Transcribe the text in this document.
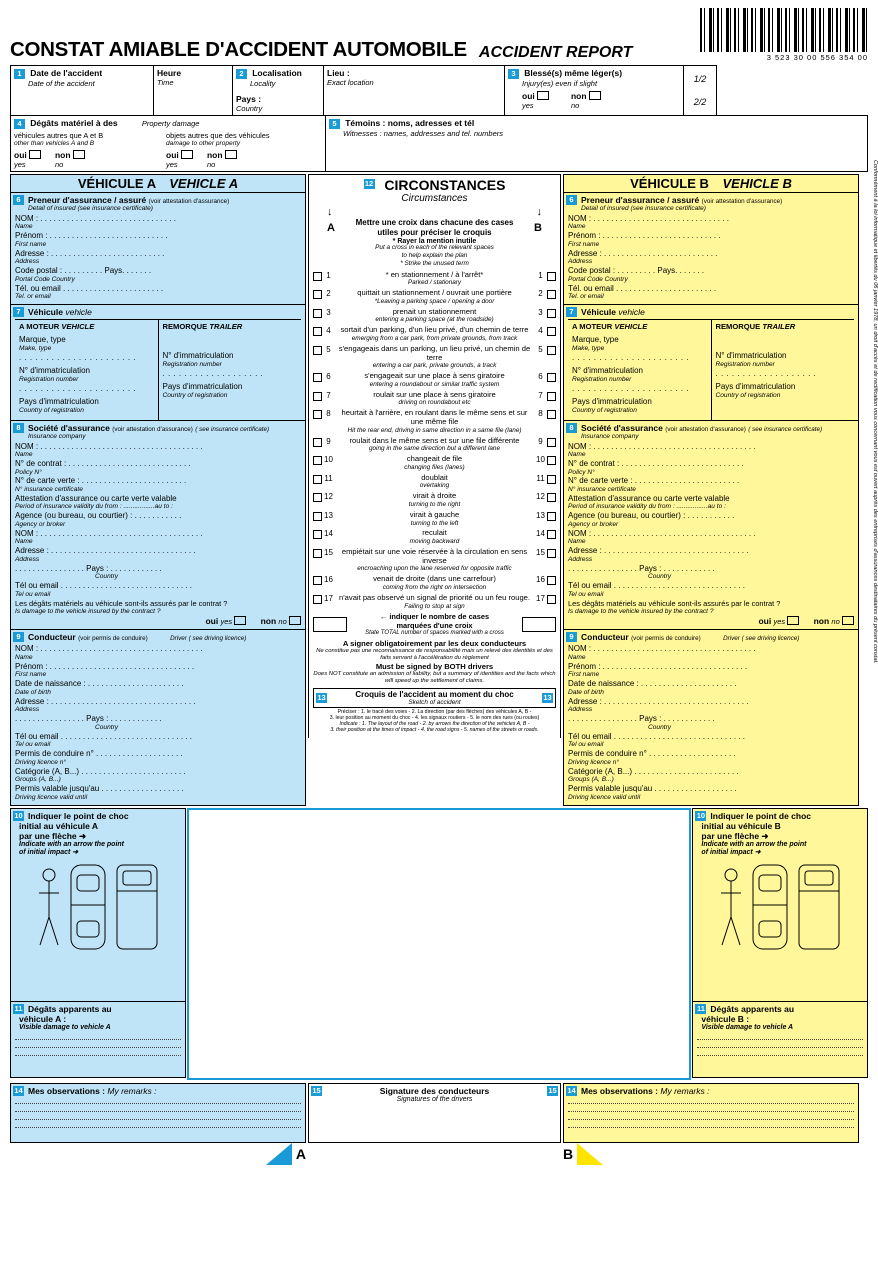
CONSTAT AMIABLE D'ACCIDENT AUTOMOBILE ACCIDENT REPORT	3 523 30 00 556 354 00
1 Date de l'accident
Date of the accident
Heure
Time
2 Localisation
Locality
Pays :
Country
Lieu :
Exact location
3 Blessé(s) même léger(s)
Injury(es) even if slight
oui
yes
non
no
1/2
2/2
4 Dégâts matériel à des	Property damage
véhicules autres que A et B
other than vehicles A and B
objets autres que des véhicules
damage to other property
oui
yes
non
no
oui
yes
non
no
5 Témoins : noms, adresses et tél
Witnesses : names, addresses and tel. numbers
VÉHICULE A VEHICLE A
6 Preneur d'assurance / assuré (voir attestation d'assurance)
Detail of insured (see insurance certificate)
NOM : . . . . . . . . . . . . . . . . . . . . . . . . . . . . . . .
Name
Prénom : . . . . . . . . . . . . . . . . . . . . . . . . . . .
First name
Adresse : . . . . . . . . . . . . . . . . . . . . . . . . . .
Address
Code postal : . . . . . . . . . Pays. . . . . . .
Portal Code Country
Tél. ou email . . . . . . . . . . . . . . . . . . . . . . .
Tel. or email
7 Véhicule vehicle
A MOTEUR VEHICLE
Marque, type
Make, type
. . . . . . . . . . . . . . . . . . . . . .
N° d'immatriculation
Registration number
. . . . . . . . . . . . . . . . . . . . . .
Pays d'immatriculation
Country of registration
REMORQUE TRAILER
N° d'immatriculation
Registration number
. . . . . . . . . . . . . . . . . . .
Pays d'immatriculation
Country of registration
8 Société d'assurance (voir attestation d'assurance) ( see insurance certificate)
Insurance company
NOM : . . . . . . . . . . . . . . . . . . . . . . . . . . . . . . . . . . . . .
Name
N° de contrat : . . . . . . . . . . . . . . . . . . . . . . . . . . . .
Policy N°
N° de carte verte : . . . . . . . . . . . . . . . . . . . . . . . .
N° insurance certificate
Attestation d'assurance ou carte verte valable
Period of insurance validity du from : .................au to :
Agence (ou bureau, ou courtier) : . . . . . . . . . . .
Agency or broker
NOM : . . . . . . . . . . . . . . . . . . . . . . . . . . . . . . . . . . . . .
Name
Adresse : . . . . . . . . . . . . . . . . . . . . . . . . . . . . . . . . .
Address
. . . . . . . . . . . . . . . . Pays : . . . . . . . . . . . .
Country
Tél ou email . . . . . . . . . . . . . . . . . . . . . . . . . . . . . .
Tel ou email
Les dégâts matériels au véhicule sont-ils assurés par le contrat ?
Is damage to the vehicle insured by the contract ?
oui yes	non no
9 Conducteur (voir permis de conduire)	Driver ( see driving licence)
NOM : . . . . . . . . . . . . . . . . . . . . . . . . . . . . . . . . . . . . .
Name
Prénom : . . . . . . . . . . . . . . . . . . . . . . . . . . . . . . . . .
First name
Date de naissance : . . . . . . . . . . . . . . . . . . . . . .
Date of birth
Adresse : . . . . . . . . . . . . . . . . . . . . . . . . . . . . . . . . .
Address
. . . . . . . . . . . . . . . . Pays : . . . . . . . . . . . .
Country
Tél ou email . . . . . . . . . . . . . . . . . . . . . . . . . . . . . .
Tel ou email
Permis de conduire n° . . . . . . . . . . . . . . . . . . . .
Driving licence n°
Catégorie (A, B...) . . . . . . . . . . . . . . . . . . . . . . . .
Groups (A, B...)
Permis valable jusqu'au . . . . . . . . . . . . . . . . . . .
Driving licence valid until
12 CIRCONSTANCES
Circumstances
↓	↓
Mettre une croix dans chacune des cases
utiles pour préciser le croquis
* Rayer la mention inutile
A	B
Put a cross in each of the relevant spaces
to help explain the plan
* Strike the unused term
1	* en stationnement / à l'arrêt*
Parked / stationary
1
2	quittait un stationnement / ouvrait une portière
*Leaving a parking space / opening a door
2
3	prenait un stationnement
entering a parking space (at the roadside)
3
4	sortait d'un parking, d'un lieu privé, d'un chemin de terre
emerging from a car park, from private grounds, from track
4
5	s'engageais dans un parking, un lieu privé, un chemin de terre
entering a car park, private grounds, a track
5
6	s'engageait sur une place à sens giratoire
entering a roundabout or similar traffic system
6
7	roulait sur une place à sens giratoire
driving on roundabout etc
7
8	heurtait à l'arrière, en roulant dans le même sens et sur une même file
Hit the rear end, driving in same direction in a same file (lane)
8
9	roulait dans le même sens et sur une file différente
going in the same direction but a different lane
9
10	changeait de file
changing files (lanes)
10
11	doublait
overtaking
11
12	virait à droite
turning to the right
12
13	virait à gauche
turning to the left
13
14	reculait
moving backward
14
15	empiétait sur une voie réservée à la circulation en sens inverse
encroaching upon the lane reserved for opposite traffic
15
16	venait de droite (dans une carrefour)
coming from the right on intersection
16
17 n'avait pas observé un signal de priorité ou un feu rouge.
Failing to stop at sign
17
← indiquer le nombre de cases
marquées d'une croix
State TOTAL number of spaces marked with a cross
A signer obligatoirement par les deux conducteurs
Ne constitue pas une reconnaissance de responsabilité mais un relevé des identités et des faits servant à l'accélération du règlement
Must be signed by BOTH drivers
Does NOT constitute an admission of liability, but a summary of identities and the facts which will speed up the settlement of claims.
13	Croquis de l'accident au moment du choc
Sketch of accident
13
Préciser : 1. le tracé des voies - 2. La direction (par des flèches) des véhicules A, B -
3. leur position au moment du choc - 4. les signaux routiers - 5. le nom des rues (ou routes)
Indicate : 1. The layout of the road - 2. by arrows the direction of the vehicles A, B -
3. their position at the times of impact - 4. the road signs - 5. names of the streets or roads.
VÉHICULE B VEHICLE B
6 Preneur d'assurance / assuré (voir attestation d'assurance)
Detail of insured (see insurance certificate)
NOM : . . . . . . . . . . . . . . . . . . . . . . . . . . . . . . .
Name
Prénom : . . . . . . . . . . . . . . . . . . . . . . . . . . .
First name
Adresse : . . . . . . . . . . . . . . . . . . . . . . . . . .
Address
Code postal : . . . . . . . . . Pays. . . . . . .
Portal Code Country
Tél. ou email . . . . . . . . . . . . . . . . . . . . . . .
Tel. or email
7 Véhicule vehicle
A MOTEUR VEHICLE
Marque, type
Make, type
. . . . . . . . . . . . . . . . . . . . . .
N° d'immatriculation
Registration number
. . . . . . . . . . . . . . . . . . . . . .
Pays d'immatriculation
Country of registration
REMORQUE TRAILER
N° d'immatriculation
Registration number
. . . . . . . . . . . . . . . . . . .
Pays d'immatriculation
Country of registration
8 Société d'assurance (voir attestation d'assurance) ( see insurance certificate)
Insurance company
NOM : . . . . . . . . . . . . . . . . . . . . . . . . . . . . . . . . . . . . .
Name
N° de contrat : . . . . . . . . . . . . . . . . . . . . . . . . . . . .
Policy N°
N° de carte verte : . . . . . . . . . . . . . . . . . . . . . . . .
N° insurance certificate
Attestation d'assurance ou carte verte valable
Period of insurance validity du from : .................au to :
Agence (ou bureau, ou courtier) : . . . . . . . . . . .
Agency or broker
NOM : . . . . . . . . . . . . . . . . . . . . . . . . . . . . . . . . . . . . .
Name
Adresse : . . . . . . . . . . . . . . . . . . . . . . . . . . . . . . . . .
Address
. . . . . . . . . . . . . . . . Pays : . . . . . . . . . . . .
Country
Tél ou email . . . . . . . . . . . . . . . . . . . . . . . . . . . . . .
Tel ou email
Les dégâts matériels au véhicule sont-ils assurés par le contrat ?
Is damage to the vehicle insured by the contract ?
oui yes	non no
9 Conducteur (voir permis de conduire)	Driver ( see driving licence)
NOM : . . . . . . . . . . . . . . . . . . . . . . . . . . . . . . . . . . . . .
Name
Prénom : . . . . . . . . . . . . . . . . . . . . . . . . . . . . . . . . .
First name
Date de naissance : . . . . . . . . . . . . . . . . . . . . . .
Date of birth
Adresse : . . . . . . . . . . . . . . . . . . . . . . . . . . . . . . . . .
Address
. . . . . . . . . . . . . . . . Pays : . . . . . . . . . . . .
Country
Tél ou email . . . . . . . . . . . . . . . . . . . . . . . . . . . . . .
Tel ou email
Permis de conduire n° . . . . . . . . . . . . . . . . . . . .
Driving licence n°
Catégorie (A, B...) . . . . . . . . . . . . . . . . . . . . . . . .
Groups (A, B...)
Permis valable jusqu'au . . . . . . . . . . . . . . . . . . .
Driving licence valid until
10 Indiquer le point de choc
initial au véhicule A
par une flèche ➜
Indicate with an arrow the point
of initial impact ➜
11 Dégâts apparents au
véhicule A :
Visible damage to vehicle A
10 Indiquer le point de choc
initial au véhicule B
par une flèche ➜
Indicate with an arrow the point
of initial impact ➜
11 Dégâts apparents au
véhicule B :
Visible damage to vehicle A
14 Mes observations : My remarks :	15	15
Signature des conducteurs
Signatures of the drivers
14 Mes observations : My remarks :
A	B
Conformément à la loi informatique et libertés du 06 janvier 1978, un droit d'accès et de rectification vous concernant vous est ouvert auprès des entreprises d'assurances destinataires du présent constat.
